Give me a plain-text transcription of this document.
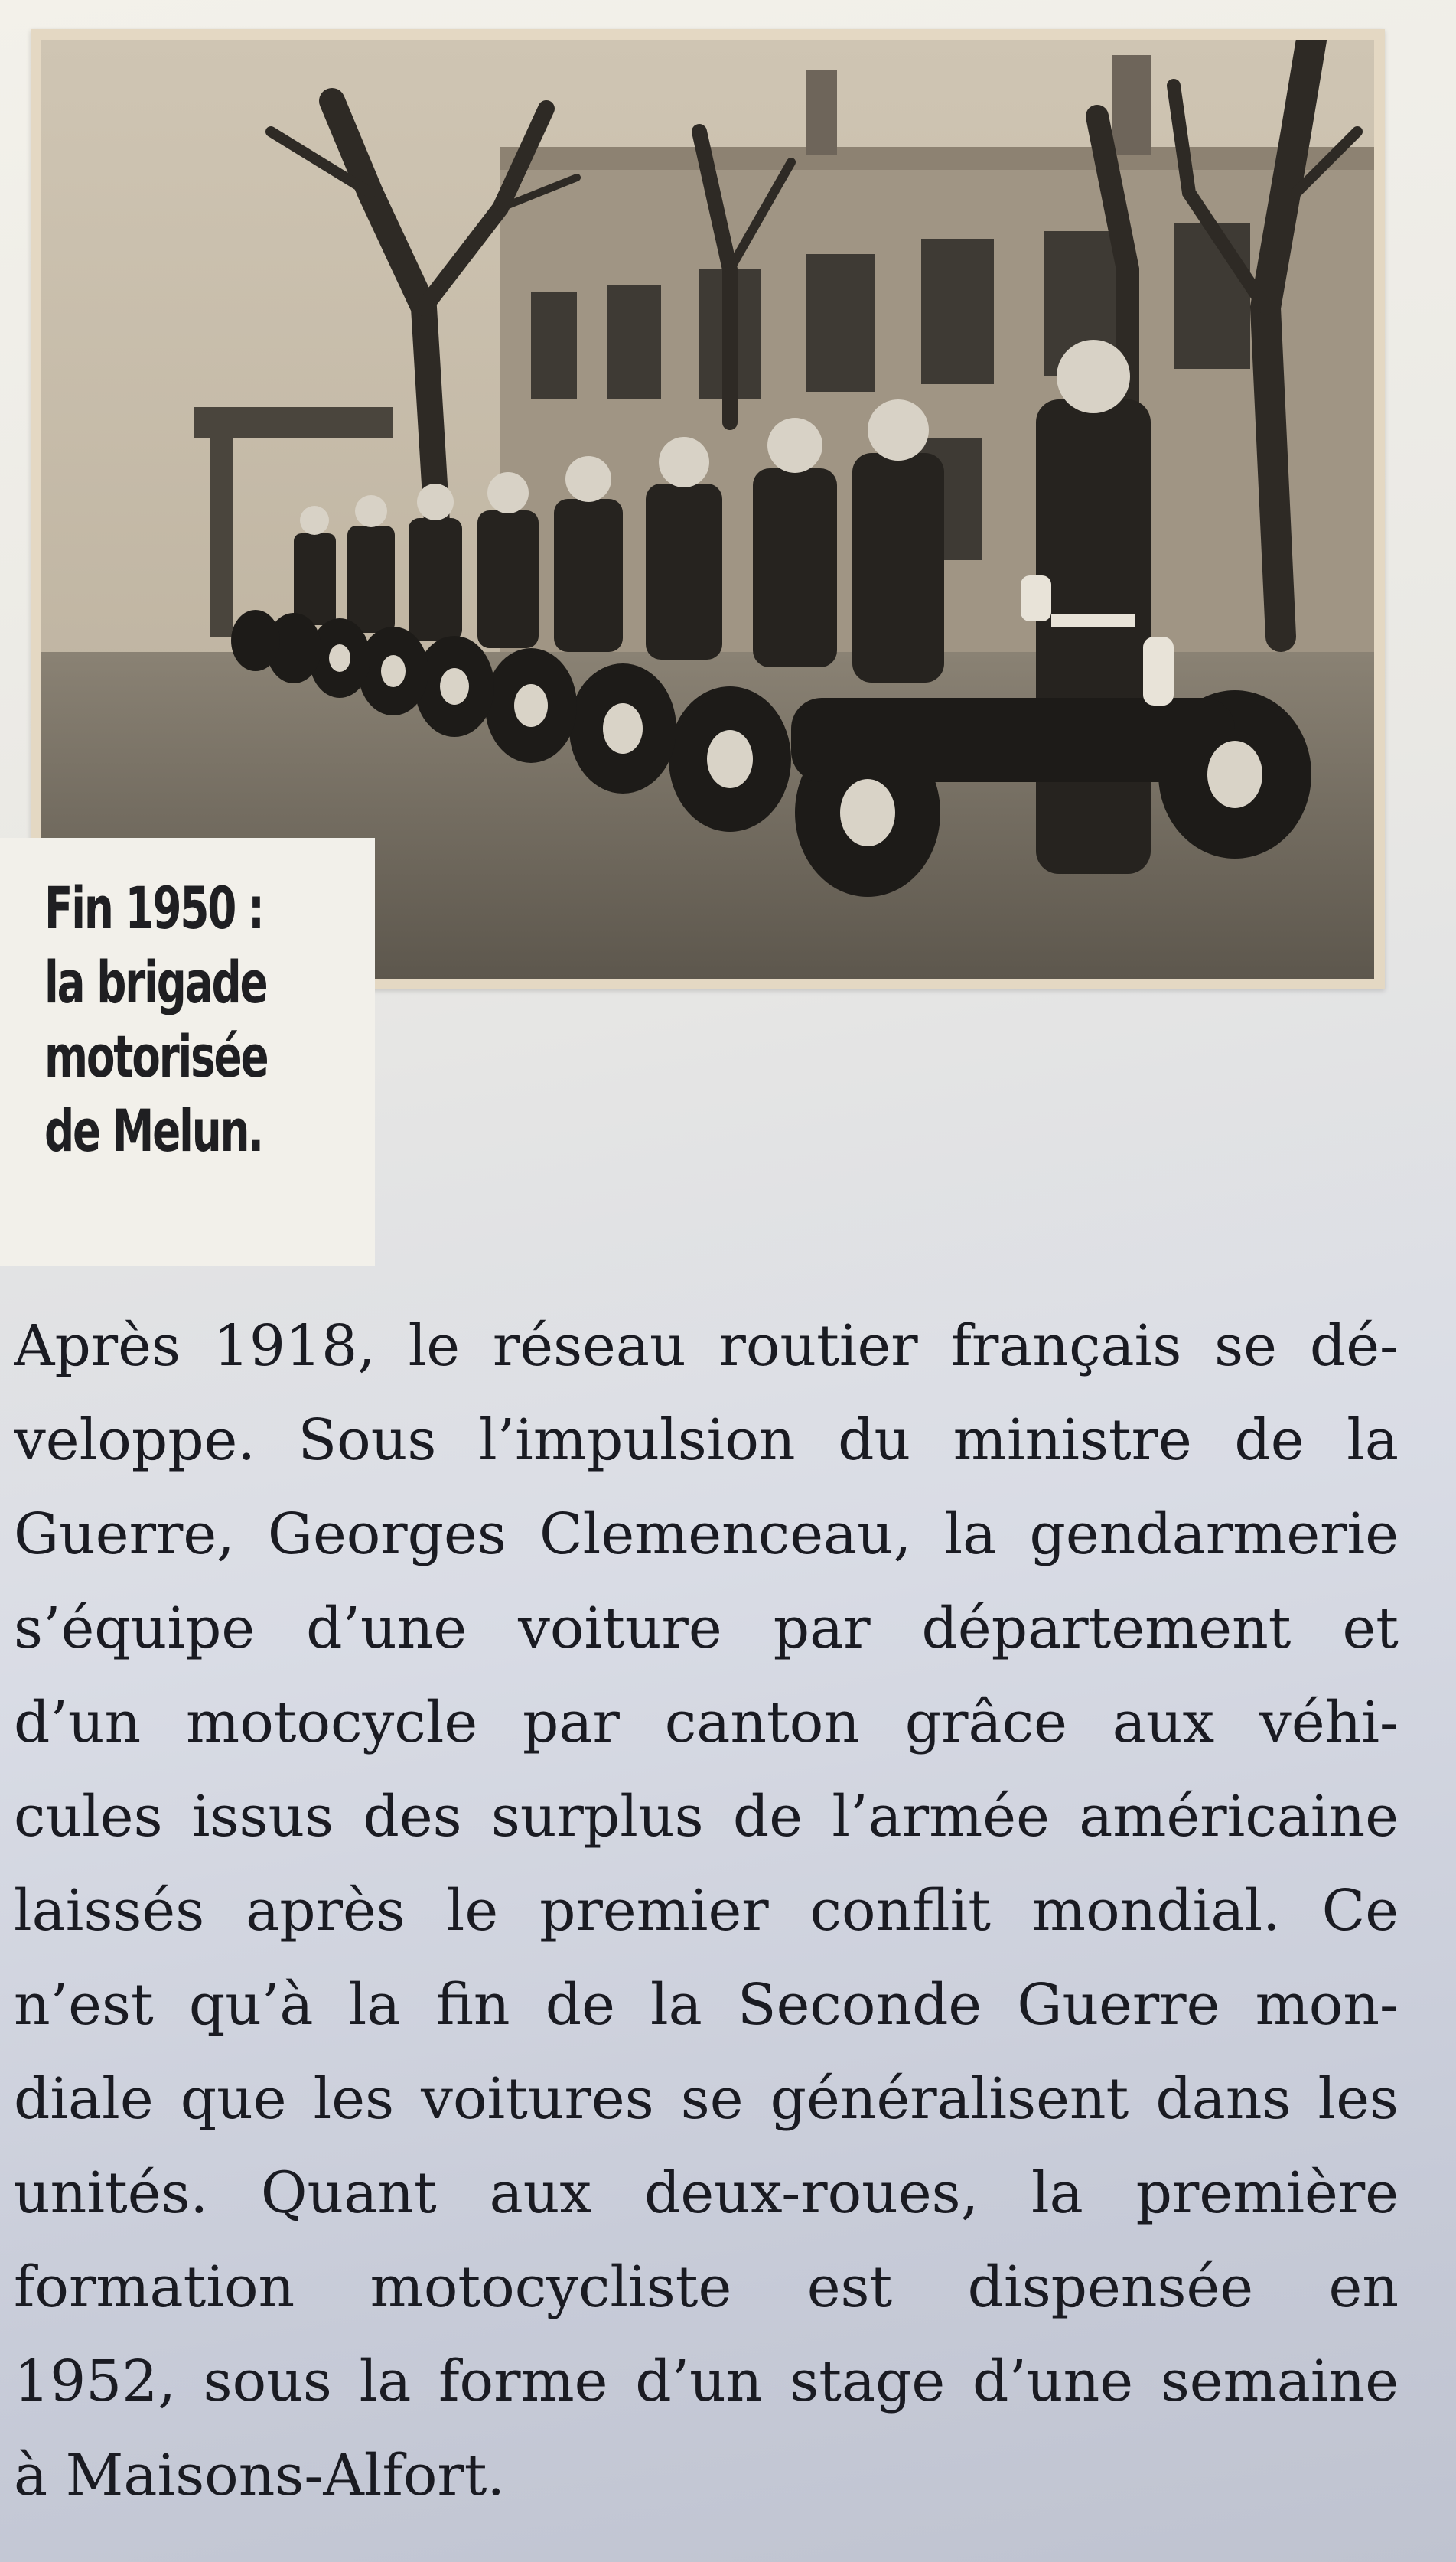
Fin 1950 :
la brigade
motorisée
de Melun.
Après 1918, le réseau routier français se dé-
veloppe. Sous l’impulsion du ministre de la
Guerre, Georges Clemenceau, la gendarmerie
s’équipe d’une voiture par département et
d’un motocycle par canton grâce aux véhi-
cules issus des surplus de l’armée américaine
laissés après le premier conflit mondial. Ce
n’est qu’à la fin de la Seconde Guerre mon-
diale que les voitures se généralisent dans les
unités. Quant aux deux-roues, la première
formation motocycliste est dispensée en
1952, sous la forme d’un stage d’une semaine
à Maisons-Alfort.
